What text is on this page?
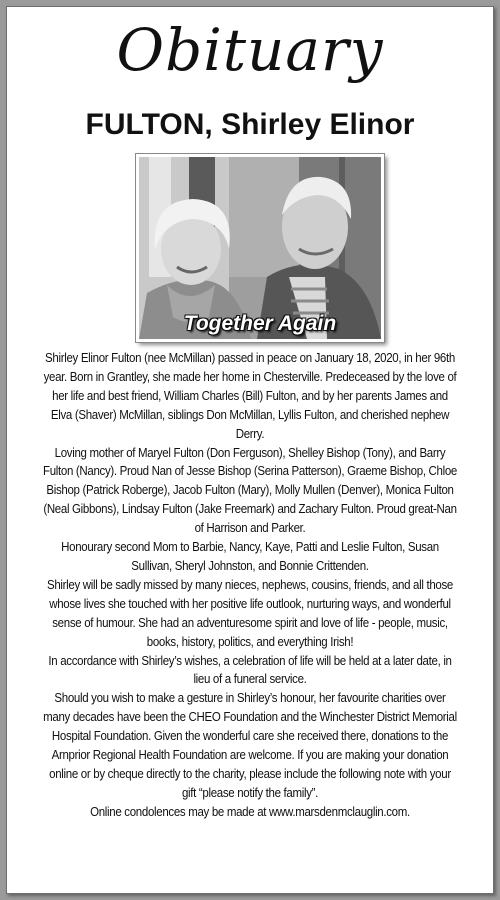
Obituary
FULTON, Shirley Elinor
Together Again

Shirley Elinor Fulton (nee McMillan) passed in peace on January 18, 2020, in her 96th year. Born in Grantley, she made her home in Chesterville. Predeceased by the love of her life and best friend, William Charles (Bill) Fulton, and by her parents James and Elva (Shaver) McMillan, siblings Don McMillan, Lyllis Fulton, and cherished nephew Derry.

Loving mother of Maryel Fulton (Don Ferguson), Shelley Bishop (Tony), and Barry Fulton (Nancy). Proud Nan of Jesse Bishop (Serina Patterson), Graeme Bishop, Chloe Bishop (Patrick Roberge), Jacob Fulton (Mary), Molly Mullen (Denver), Monica Fulton (Neal Gibbons), Lindsay Fulton (Jake Freemark) and Zachary Fulton. Proud great-Nan of Harrison and Parker.

Honourary second Mom to Barbie, Nancy, Kaye, Patti and Leslie Fulton, Susan Sullivan, Sheryl Johnston, and Bonnie Crittenden.

Shirley will be sadly missed by many nieces, nephews, cousins, friends, and all those whose lives she touched with her positive life outlook, nurturing ways, and wonderful sense of humour. She had an adventuresome spirit and love of life - people, music, books, history, politics, and everything Irish!

In accordance with Shirley’s wishes, a celebration of life will be held at a later date, in lieu of a funeral service.

Should you wish to make a gesture in Shirley’s honour, her favourite charities over many decades have been the CHEO Foundation and the Winchester District Memorial Hospital Foundation. Given the wonderful care she received there, donations to the Arnprior Regional Health Foundation are welcome. If you are making your donation online or by cheque directly to the charity, please include the following note with your gift “please notify the family”.

Online condolences may be made at www.marsdenmclauglin.com.
